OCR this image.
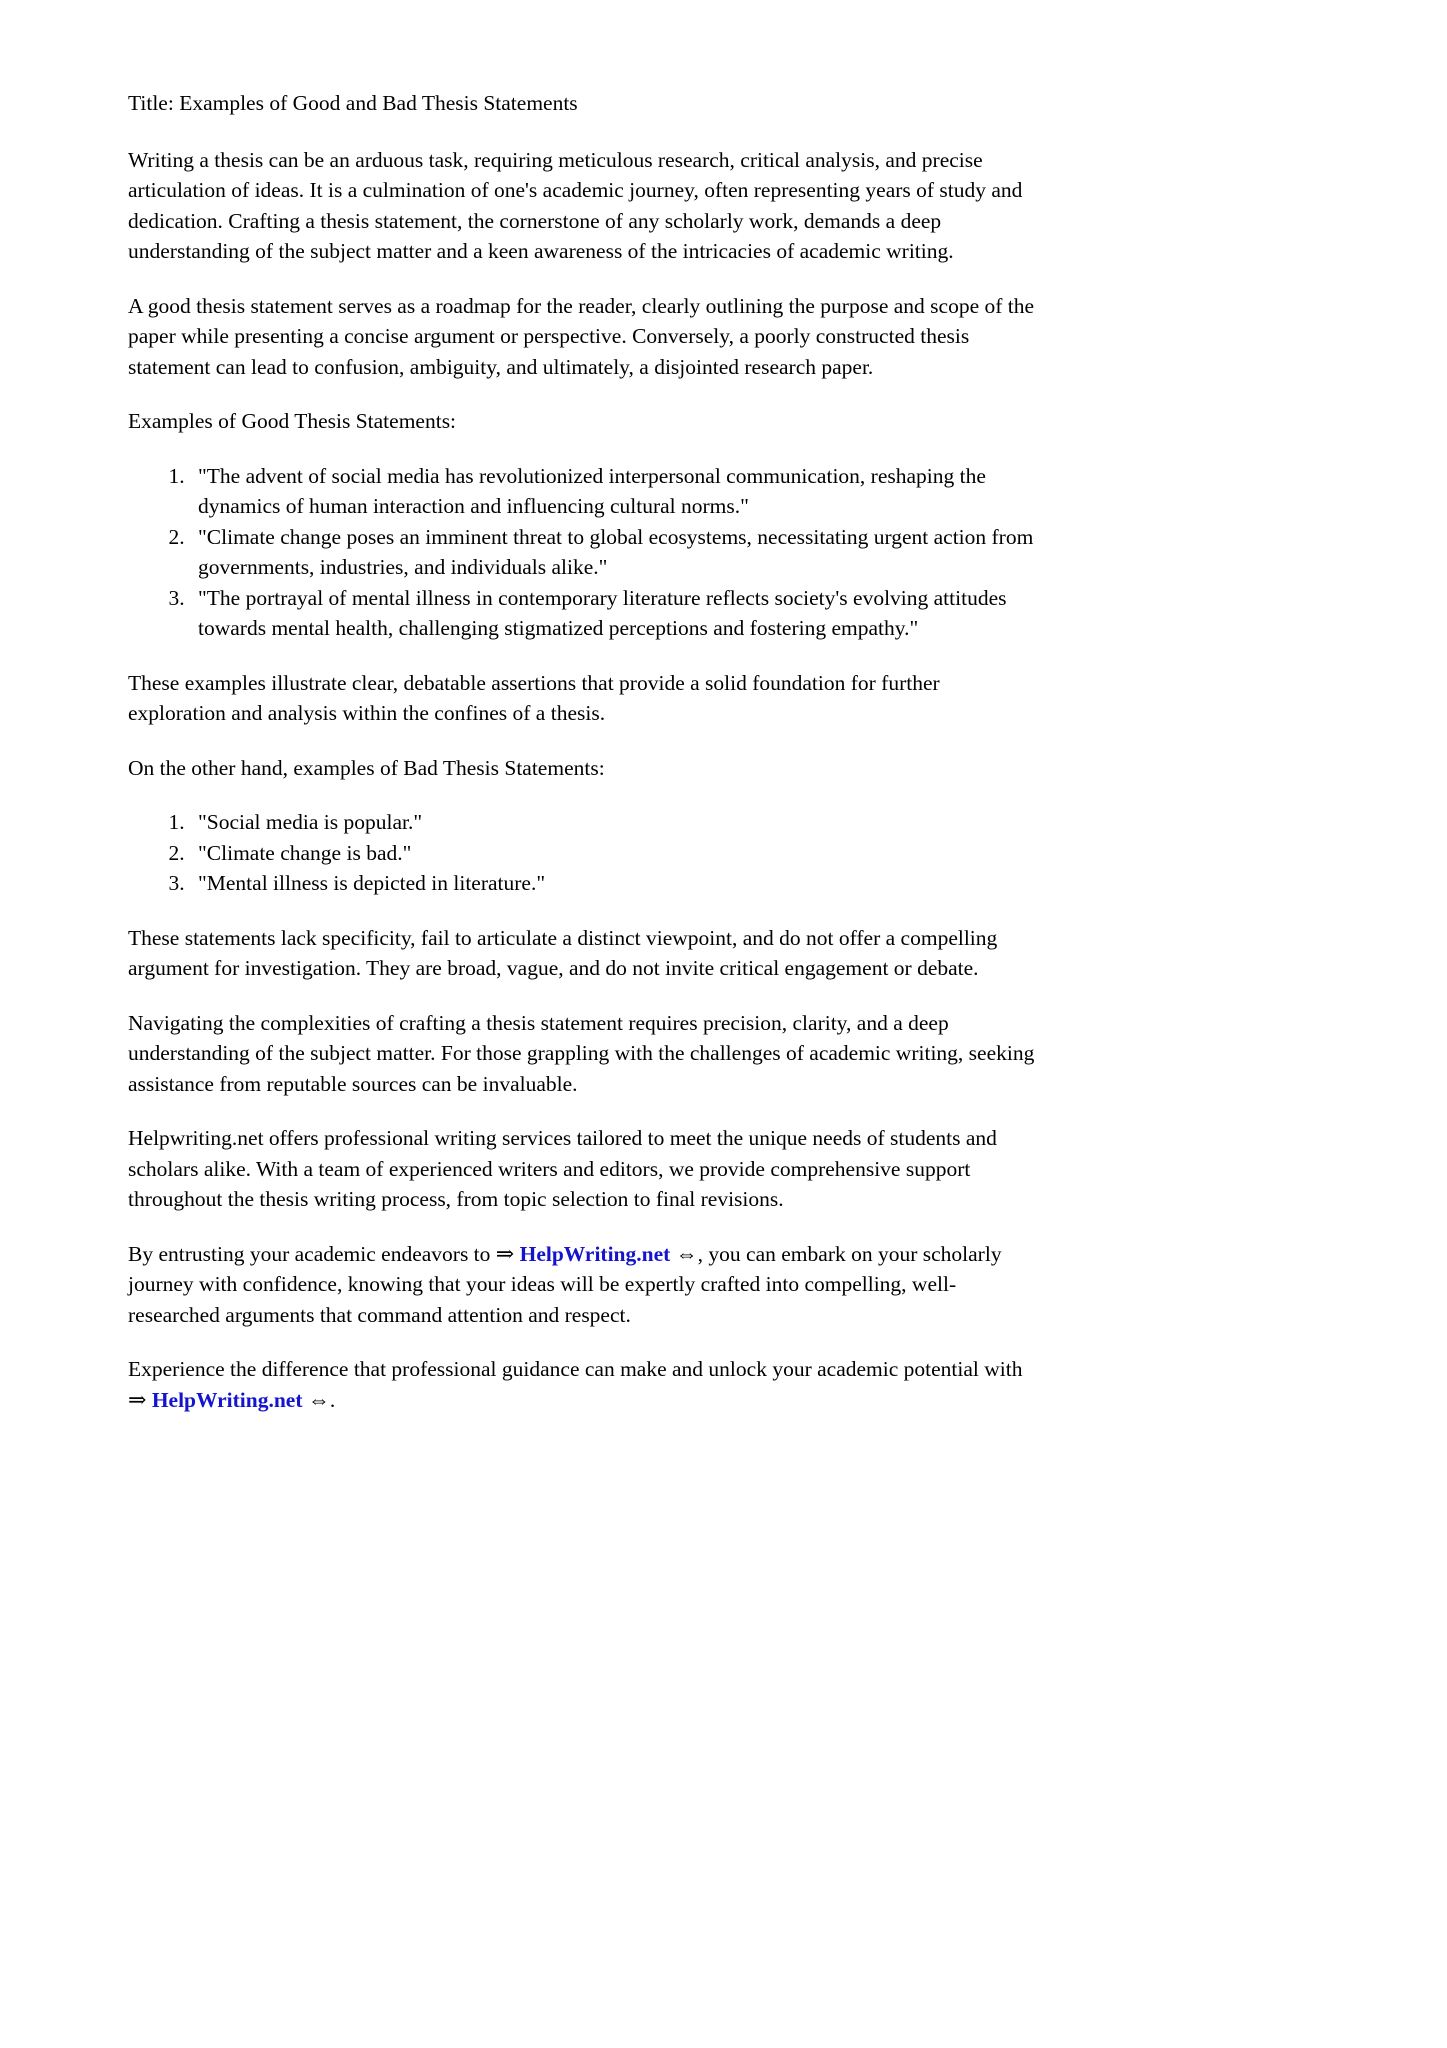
Title: Examples of Good and Bad Thesis Statements

Writing a thesis can be an arduous task, requiring meticulous research, critical analysis, and precise articulation of ideas. It is a culmination of one's academic journey, often representing years of study and dedication. Crafting a thesis statement, the cornerstone of any scholarly work, demands a deep understanding of the subject matter and a keen awareness of the intricacies of academic writing.

A good thesis statement serves as a roadmap for the reader, clearly outlining the purpose and scope of the paper while presenting a concise argument or perspective. Conversely, a poorly constructed thesis statement can lead to confusion, ambiguity, and ultimately, a disjointed research paper.

Examples of Good Thesis Statements:

1. "The advent of social media has revolutionized interpersonal communication, reshaping the dynamics of human interaction and influencing cultural norms."
2. "Climate change poses an imminent threat to global ecosystems, necessitating urgent action from governments, industries, and individuals alike."
3. "The portrayal of mental illness in contemporary literature reflects society's evolving attitudes towards mental health, challenging stigmatized perceptions and fostering empathy."

These examples illustrate clear, debatable assertions that provide a solid foundation for further exploration and analysis within the confines of a thesis.

On the other hand, examples of Bad Thesis Statements:

1. "Social media is popular."
2. "Climate change is bad."
3. "Mental illness is depicted in literature."

These statements lack specificity, fail to articulate a distinct viewpoint, and do not offer a compelling argument for investigation. They are broad, vague, and do not invite critical engagement or debate.

Navigating the complexities of crafting a thesis statement requires precision, clarity, and a deep understanding of the subject matter. For those grappling with the challenges of academic writing, seeking assistance from reputable sources can be invaluable.

Helpwriting.net offers professional writing services tailored to meet the unique needs of students and scholars alike. With a team of experienced writers and editors, we provide comprehensive support throughout the thesis writing process, from topic selection to final revisions.

By entrusting your academic endeavors to ⇒ HelpWriting.net ⇔, you can embark on your scholarly journey with confidence, knowing that your ideas will be expertly crafted into compelling, well-researched arguments that command attention and respect.

Experience the difference that professional guidance can make and unlock your academic potential with ⇒ HelpWriting.net ⇔.
